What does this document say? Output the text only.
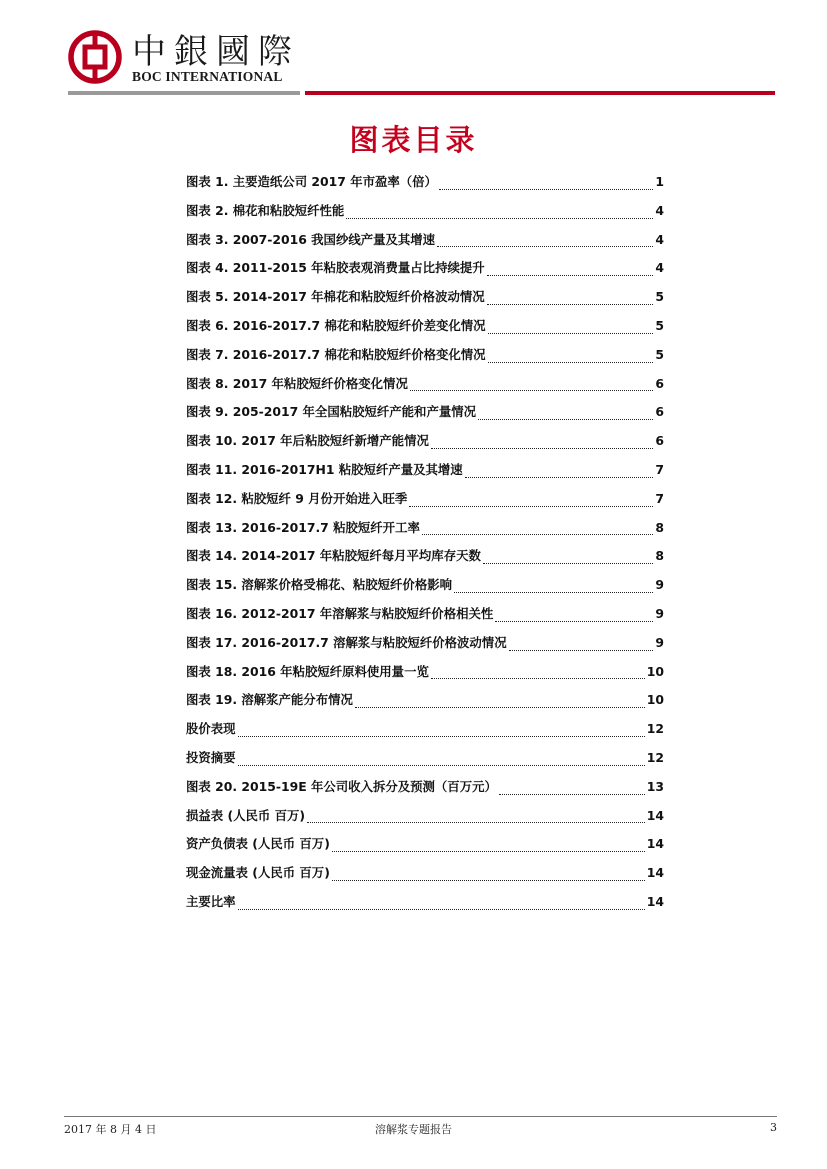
中銀國際
BOC INTERNATIONAL
图表目录
图表 1. 主要造纸公司 2017 年市盈率（倍）	1
图表 2. 棉花和粘胶短纤性能	4
图表 3. 2007-2016 我国纱线产量及其增速	4
图表 4. 2011-2015 年粘胶表观消费量占比持续提升	4
图表 5. 2014-2017 年棉花和粘胶短纤价格波动情况	5
图表 6. 2016-2017.7 棉花和粘胶短纤价差变化情况	5
图表 7. 2016-2017.7 棉花和粘胶短纤价格变化情况	5
图表 8. 2017 年粘胶短纤价格变化情况	6
图表 9. 205-2017 年全国粘胶短纤产能和产量情况	6
图表 10. 2017 年后粘胶短纤新增产能情况	6
图表 11. 2016-2017H1 粘胶短纤产量及其增速	7
图表 12. 粘胶短纤 9 月份开始进入旺季	7
图表 13. 2016-2017.7 粘胶短纤开工率	8
图表 14. 2014-2017 年粘胶短纤每月平均库存天数	8
图表 15. 溶解浆价格受棉花、粘胶短纤价格影响	9
图表 16. 2012-2017 年溶解浆与粘胶短纤价格相关性	9
图表 17. 2016-2017.7 溶解浆与粘胶短纤价格波动情况	9
图表 18. 2016 年粘胶短纤原料使用量一览	10
图表 19. 溶解浆产能分布情况	10
股价表现	12
投资摘要	12
图表 20. 2015-19E 年公司收入拆分及预测（百万元）	13
损益表 (人民币 百万)	14
资产负债表 (人民币 百万)	14
现金流量表 (人民币 百万)	14
主要比率	14
2017 年 8 月 4 日	溶解浆专题报告	3
